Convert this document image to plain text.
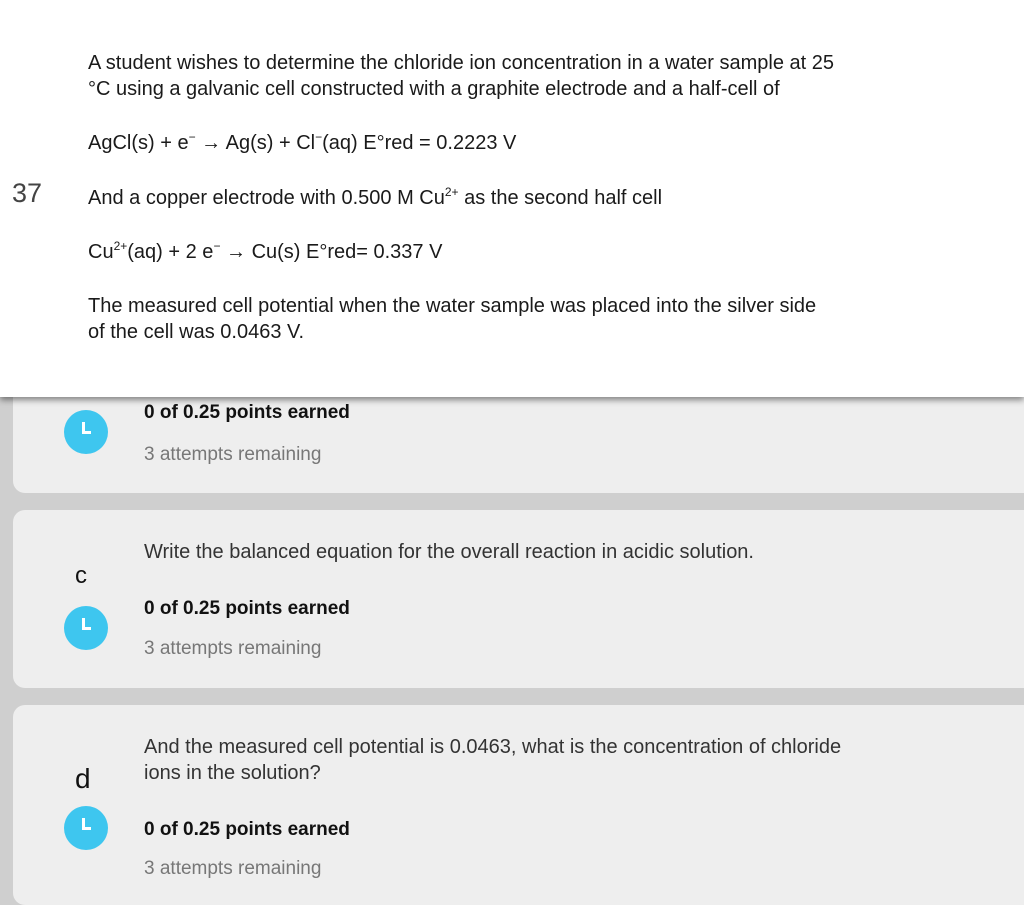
A student wishes to determine the chloride ion concentration in a water sample at 25
°C using a galvanic cell constructed with a graphite electrode and a half-cell of
AgCl(s) + e− → Ag(s) + Cl−(aq) E°red = 0.2223 V
37 And a copper electrode with 0.500 M $Cu^{2+}$ as the second half cell
$Cu^{2+}(aq) + 2$ e− → Cu(s) E°red= 0.337 V
The measured cell potential when the water sample was placed into the silver side
of the cell was 0.0463 V.
0 of 0.25 points earned
3 attempts remaining
c
Write the balanced equation for the overall reaction in acidic solution.
0 of 0.25 points earned
3 attempts remaining
d
And the measured cell potential is 0.0463, what is the concentration of chloride
ions in the solution?
0 of 0.25 points earned
3 attempts remaining
